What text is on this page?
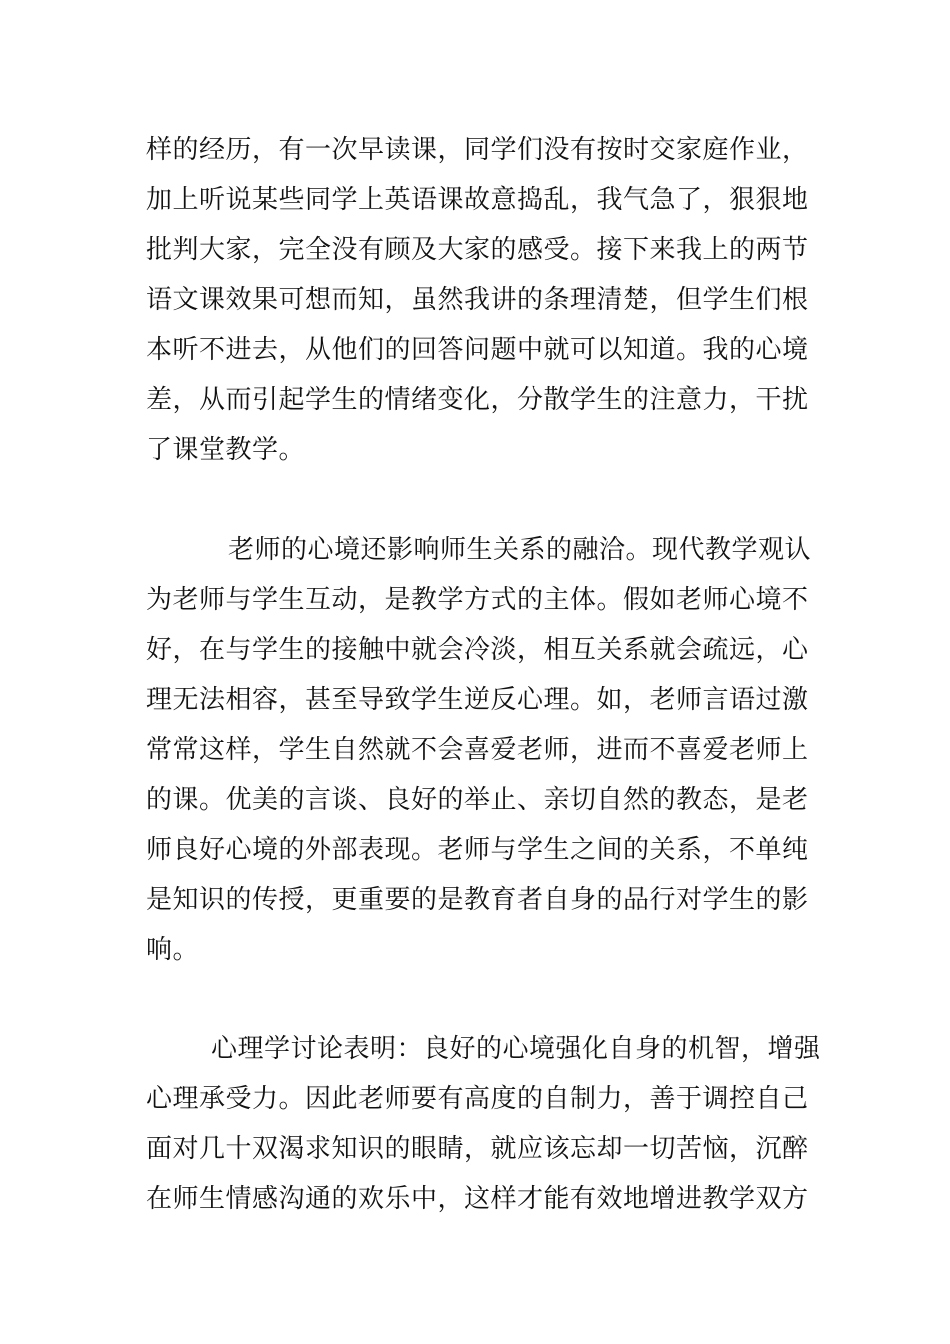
样的经历，有一次早读课，同学们没有按时交家庭作业，
加上听说某些同学上英语课故意捣乱，我气急了，狠狠地
批判大家，完全没有顾及大家的感受。接下来我上的两节
语文课效果可想而知，虽然我讲的条理清楚，但学生们根
本听不进去，从他们的回答问题中就可以知道。我的心境
差，从而引起学生的情绪变化，分散学生的注意力，干扰
了课堂教学。
老师的心境还影响师生关系的融洽。现代教学观认
为老师与学生互动，是教学方式的主体。假如老师心境不
好，在与学生的接触中就会冷淡，相互关系就会疏远，心
理无法相容，甚至导致学生逆反心理。如，老师言语过激
常常这样，学生自然就不会喜爱老师，进而不喜爱老师上
的课。优美的言谈、良好的举止、亲切自然的教态，是老
师良好心境的外部表现。老师与学生之间的关系，不单纯
是知识的传授，更重要的是教育者自身的品行对学生的影
响。
心理学讨论表明：良好的心境强化自身的机智，增强
心理承受力。因此老师要有高度的自制力，善于调控自己
面对几十双渴求知识的眼睛，就应该忘却一切苦恼，沉醉
在师生情感沟通的欢乐中，这样才能有效地增进教学双方
